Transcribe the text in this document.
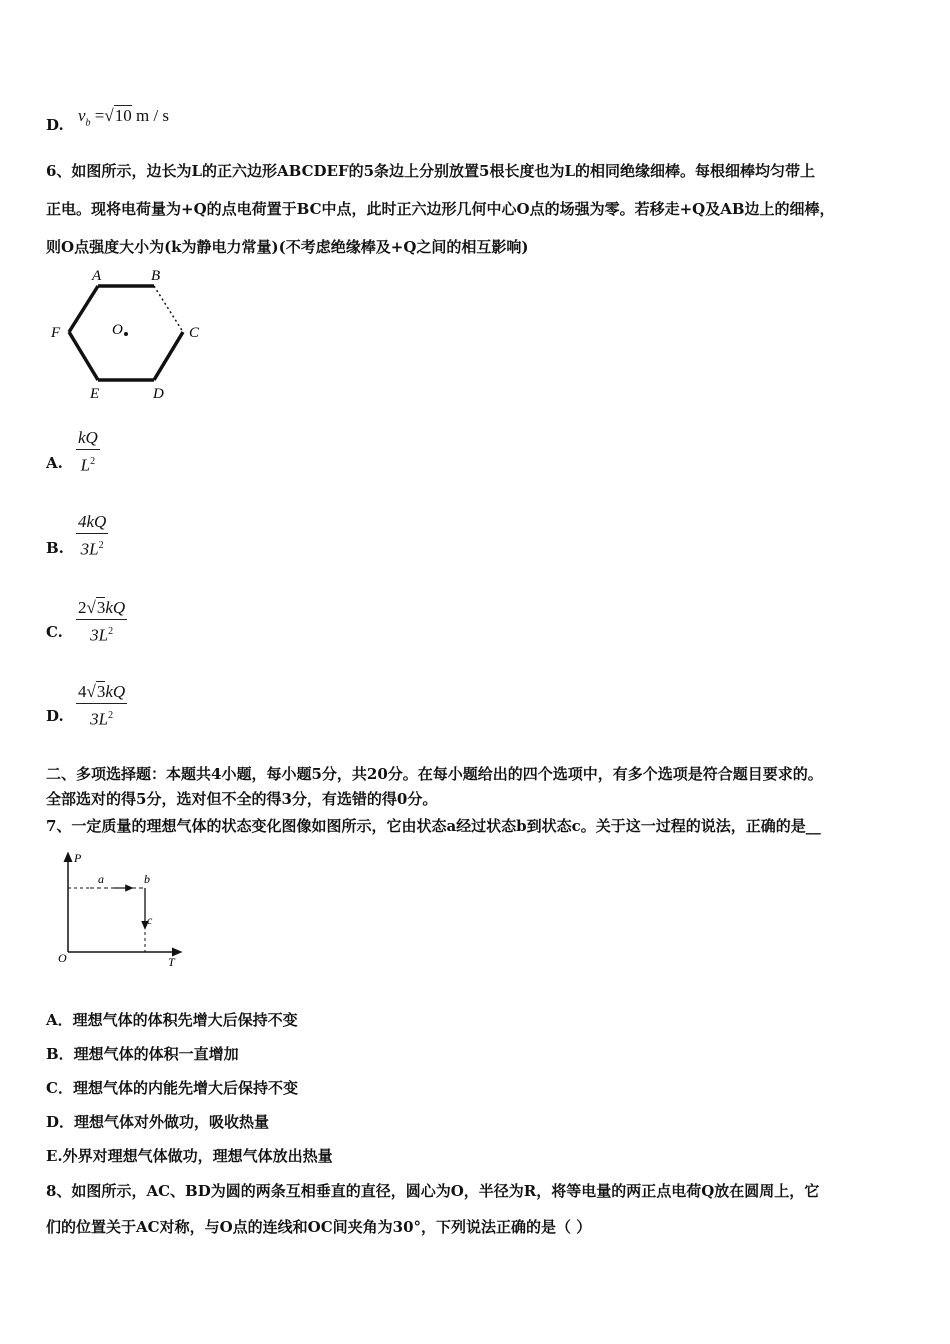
D. $v_b =√10$ m / s
6、如图所示，边长为L的正六边形ABCDEF的5条边上分别放置5根长度也为L的相同绝缘细棒。每根细棒均匀带上
正电。现将电荷量为+Q的点电荷置于BC中点，此时正六边形几何中心O点的场强为零。若移走+Q及AB边上的细棒，
则O点强度大小为(k为静电力常量)(不考虑绝缘棒及+Q之间的相互影响)
A	B
C
D
E
F	O
A. $\frac{kQ}{L^2}$
B. $\frac{4kQ}{3L^2}$
C. $\frac{2√3kQ}{3L^2}$
D. $\frac{4√3kQ}{3L^2}$
二、多项选择题：本题共4小题，每小题5分，共20分。在每小题给出的四个选项中，有多个选项是符合题目要求的。
全部选对的得5分，选对但不全的得3分，有选错的得0分。
7、一定质量的理想气体的状态变化图像如图所示，它由状态a经过状态b到状态c。关于这一过程的说法，正确的是__
P
T
O
a	b
c
A．理想气体的体积先增大后保持不变
B．理想气体的体积一直增加
C．理想气体的内能先增大后保持不变
D．理想气体对外做功，吸收热量
E.外界对理想气体做功，理想气体放出热量
8、如图所示，AC、BD为圆的两条互相垂直的直径，圆心为O，半径为R，将等电量的两正点电荷Q放在圆周上，它
们的位置关于AC对称，与O点的连线和OC间夹角为30°，下列说法正确的是（ ）
